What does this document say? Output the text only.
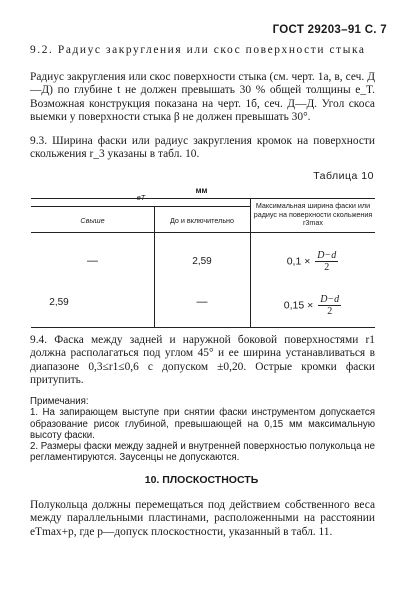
ГОСТ 29203–91 С. 7

9.2. Радиус закругления или скос поверхности стыка

Радиус закругления или скос поверхности стыка (см. черт. 1а, в, сеч. Д—Д) по глубине t не должен превышать 30 % общей толщины e_T. Возможная конструкция показана на черт. 1б, сеч. Д—Д. Угол скоса выемки у поверхности стыка β не должен превышать 30°.

9.3. Ширина фаски или радиус закругления кромок на поверхности скольжения r_3 указаны в табл. 10.

Таблица 10
мм
eT
Свыше	До и включительно
Максимальная ширина фаски или радиус на поверхности скольжения r3max
—	2,59	$0,1 \times \frac{D-d}{2}$
2,59	—	$0,15 \times \frac{D-d}{2}$

9.4. Фаска между задней и наружной боковой поверхностями r1 должна располагаться под углом 45° и ее ширина устанавливаться в диапазоне 0,3≤r1≤0,6 с допуском ±0,20. Острые кромки фаски притупить.

Примечания:
1. На запирающем выступе при снятии фаски инструментом допускается образование рисок глубиной, превышающей на 0,15 мм максимальную высоту фаски.
2. Размеры фаски между задней и внутренней поверхностью полукольца не регламентируются. Заусенцы не допускаются.
10. ПЛОСКОСТНОСТЬ
Полукольца должны перемещаться под действием собственного веса между параллельными пластинами, расположенными на расстоянии eTmax+p, где p—допуск плоскостности, указанный в табл. 11.
